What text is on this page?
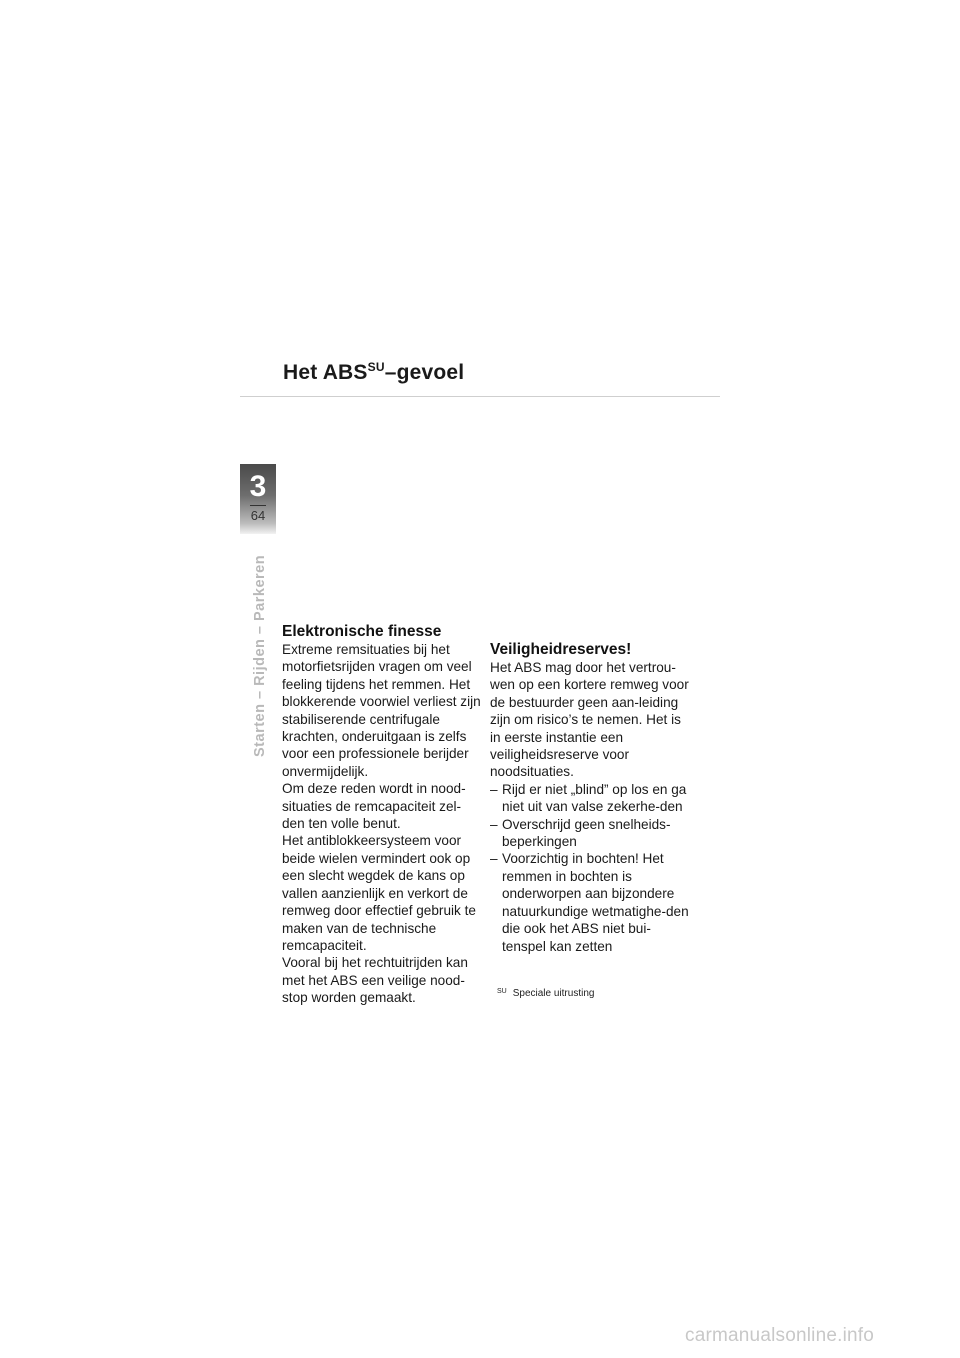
Het $ABS^{SU}$–gevoel
3
64
Starten – Rijden – Parkeren Elektronische finesse

Extreme remsituaties bij het motorfietsrijden vragen om veel feeling tijdens het remmen. Het blokkerende voorwiel verliest zijn stabiliserende centrifugale krachten, onderuitgaan is zelfs voor een professionele berijder onvermijdelijk.

Om deze reden wordt in nood-situaties de remcapaciteit zel-den ten volle benut.

Het antiblokkeersysteem voor beide wielen vermindert ook op een slecht wegdek de kans op vallen aanzienlijk en verkort de remweg door effectief gebruik te maken van de technische remcapaciteit.

Vooral bij het rechtuitrijden kan met het ABS een veilige nood-stop worden gemaakt.

Veiligheidreserves!

Het ABS mag door het vertrou-wen op een kortere remweg voor de bestuurder geen aan-leiding zijn om risico’s te nemen. Het is in eerste instantie een veiligheidsreserve voor noodsituaties.

– Rijd er niet „blind” op los en ga niet uit van valse zekerhe-den
– Overschrijd geen snelheids-beperkingen
– Voorzichtig in bochten! Het remmen in bochten is onderworpen aan bijzondere natuurkundige wetmatighe-den die ook het ABS niet bui-tenspel kan zetten
$^{SU}$ Speciale uitrusting
carmanualsonline.info
